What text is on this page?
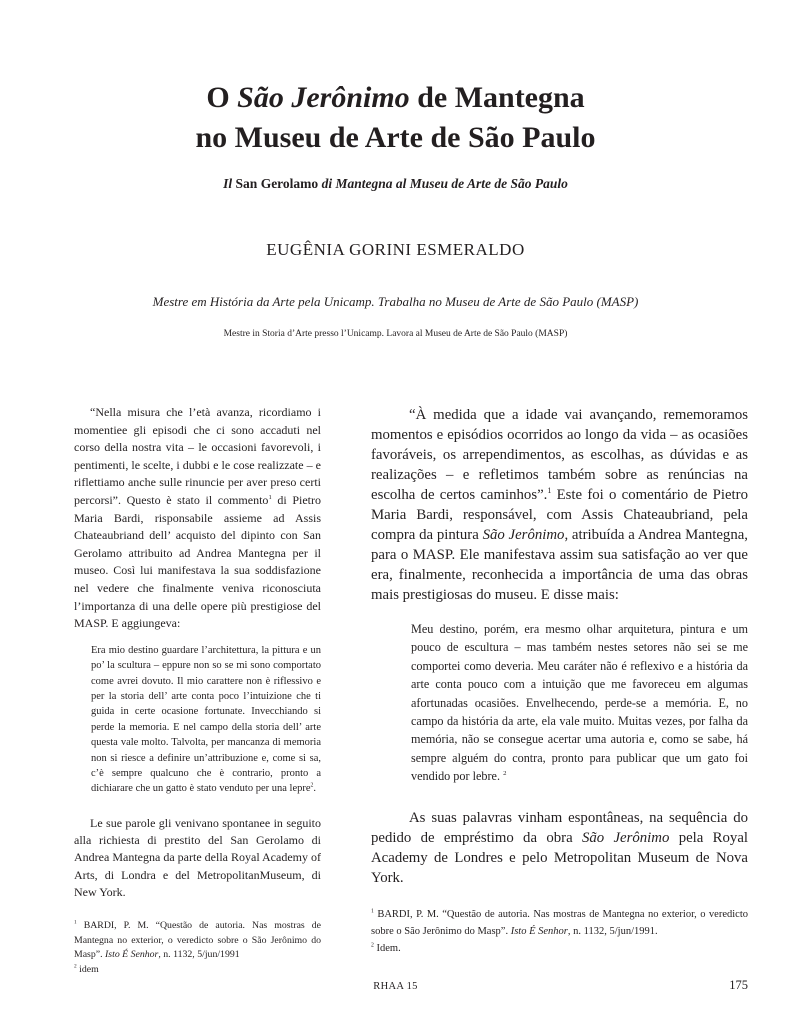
O São Jerônimo de Mantegna
no Museu de Arte de São Paulo
Il San Gerolamo di Mantegna al Museu de Arte de São Paulo
EUGÊNIA GORINI ESMERALDO
Mestre em História da Arte pela Unicamp. Trabalha no Museu de Arte de São Paulo (MASP)
Mestre in Storia d’Arte presso l’Unicamp. Lavora al Museu de Arte de São Paulo (MASP)

“Nella misura che l’età avanza, ricordiamo i momentiee gli episodi che ci sono accaduti nel corso della nostra vita – le occasioni favorevoli, i pentimenti, le scelte, i dubbi e le cose realizzate – e riflettiamo anche sulle rinuncie per aver preso certi percorsi”. Questo è stato il commento$^1$ di Pietro Maria Bardi, risponsabile assieme ad Assis Chateaubriand dell’ acquisto del dipinto con San Gerolamo attribuito ad Andrea Mantegna per il museo. Così lui manifestava la sua soddisfazione nel vedere che finalmente veniva riconosciuta l’importanza di una delle opere più prestigiose del MASP. E aggiungeva:

Era mio destino guardare l’architettura, la pittura e un po’ la scultura – eppure non so se mi sono comportato come avrei dovuto. Il mio carattere non è riflessivo e per la storia dell’ arte conta poco l’intuizione che ti guida in certe ocasione fortunate. Invecchiando si perde la memoria. E nel campo della storia dell’ arte questa vale molto. Talvolta, per mancanza di memoria non si riesce a definire un’attribuzione e, come si sa, c’è sempre qualcuno che è contrario, pronto a dichiarare che un gatto è stato venduto per una lepre$^2$.

Le sue parole gli venivano spontanee in seguito alla richiesta di prestito del San Gerolamo di Andrea Mantegna da parte della Royal Academy of Arts, di Londra e del MetropolitanMuseum, di New York.

$^1$ BARDI, P. M. “Questão de autoria. Nas mostras de Mantegna no exterior, o veredicto sobre o São Jerônimo do Masp”. Isto É Senhor, n. 1132, 5/jun/1991
$^2$ idem

“À medida que a idade vai avançando, rememoramos momentos e episódios ocorridos ao longo da vida – as ocasiões favoráveis, os arrependimentos, as escolhas, as dúvidas e as realizações – e refletimos também sobre as renúncias na escolha de certos caminhos”.$^1$ Este foi o comentário de Pietro Maria Bardi, responsável, com Assis Chateaubriand, pela compra da pintura São Jerônimo, atribuída a Andrea Mantegna, para o MASP. Ele manifestava assim sua satisfação ao ver que era, finalmente, reconhecida a importância de uma das obras mais prestigiosas do museu. E disse mais:

Meu destino, porém, era mesmo olhar arquitetura, pintura e um pouco de escultura – mas também nestes setores não sei se me comportei como deveria. Meu caráter não é reflexivo e a história da arte conta pouco com a intuição que me favoreceu em algumas afortunadas ocasiões. Envelhecendo, perde-se a memória. E, no campo da história da arte, ela vale muito. Muitas vezes, por falha da memória, não se consegue acertar uma autoria e, como se sabe, há sempre alguém do contra, pronto para publicar que um gato foi vendido por lebre. $^2$

As suas palavras vinham espontâneas, na sequência do pedido de empréstimo da obra São Jerônimo pela Royal Academy de Londres e pelo Metropolitan Museum de Nova York.

$^1$ BARDI, P. M. “Questão de autoria. Nas mostras de Mantegna no exterior, o veredicto sobre o São Jerônimo do Masp”. Isto É Senhor, n. 1132, 5/jun/1991.
$^2$ Idem.
RHAA 15	175
